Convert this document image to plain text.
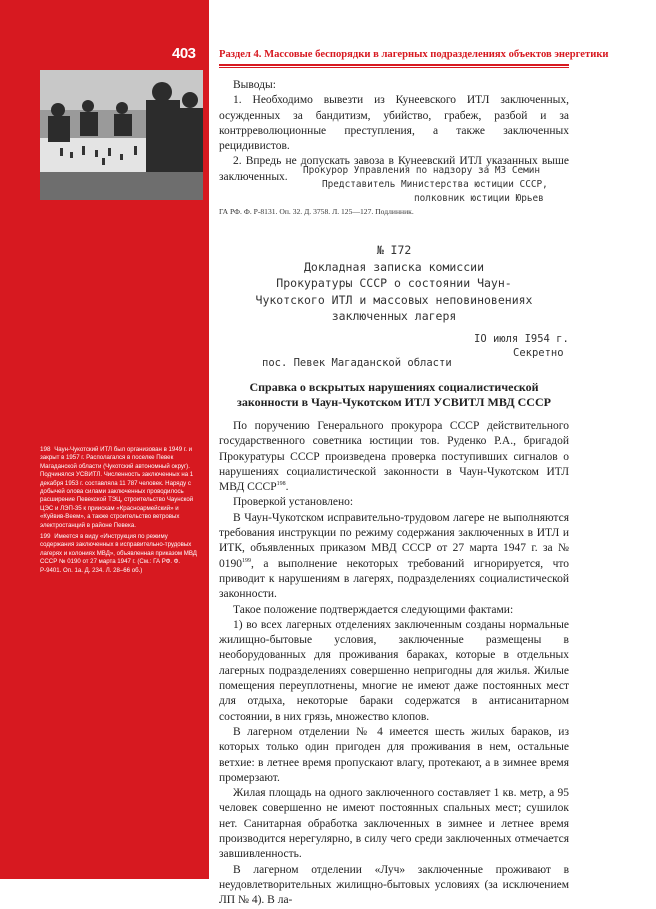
403

198 Чаун-Чукотский ИТЛ был организован в 1949 г. и закрыт в 1957 г. Располагался в поселке Певек Магаданской области (Чукотский автономный округ). Подчинялся УСВИТЛ. Численность заключенных на 1 декабря 1953 г. составляла 11 787 человек. Наряду с добычей олова силами заключенных проводилось расширение Певекской ТЭЦ, строительство Чаунской ЦЭС и ЛЭП-35 к приискам «Красноармейский» и «Куйвив-Веем», а также строительство ветровых электростанций в районе Певека.

199 Имеется в виду «Инструкция по режиму содержания заключенных в исправительно-трудовых лагерях и колониях МВД», объявленная приказом МВД СССР № 0190 от 27 марта 1947 г. (См.: ГА РФ. Ф. Р-9401. Оп. 1а. Д. 234. Л. 28–66 об.)

Раздел 4. Массовые беспорядки в лагерных подразделениях объектов энергетики

Выводы:

1. Необходимо вывезти из Кунеевского ИТЛ заключенных, осужденных за бандитизм, убийство, грабеж, разбой и за контрреволюционные преступления, а также заключенных рецидивистов.

2. Впредь не допускать завоза в Кунеевский ИТЛ указанных выше заключенных.

Прокурор Управления по надзору за МЗ Семин
Представитель Министерства юстиции СССР,
полковник юстиции Юрьев
ГА РФ. Ф. Р-8131. Оп. 32. Д. 3758. Л. 125—127. Подлинник.
№ I72
Докладная записка комиссии
Прокуратуры СССР о состоянии Чаун-
Чукотского ИТЛ и массовых неповиновениях
заключенных лагеря
IO июля I954 г.
Секретно
пос. Певек Магаданской области
Справка о вскрытых нарушениях социалистической
законности в Чаун-Чукотском ИТЛ УСВИТЛ МВД СССР

По поручению Генерального прокурора СССР действительного государственного советника юстиции тов. Руденко Р.А., бригадой Прокуратуры СССР произведена проверка поступивших сигналов о нарушениях социалистической законности в Чаун-Чукотском ИТЛ МВД СССР$^{198}$.

Проверкой установлено:

В Чаун-Чукотском исправительно-трудовом лагере не выполняются требования инструкции по режиму содержания заключенных в ИТЛ и ИТК, объявленных приказом МВД СССР от 27 марта 1947 г. за № 0190$^{199}$, а выполнение некоторых требований игнорируется, что приводит к нарушениям в лагерях, подразделениях социалистической законности.

Такое положение подтверждается следующими фактами:

1) во всех лагерных отделениях заключенным созданы нормальные жилищно-бытовые условия, заключенные размещены в необорудованных для проживания бараках, которые в отдельных лагерных подразделениях совершенно непригодны для жилья. Жилые помещения переуплотнены, многие не имеют даже постоянных мест для отдыха, некоторые бараки содержатся в антисанитарном состоянии, в них грязь, множество клопов.

В лагерном отделении № 4 имеется шесть жилых бараков, из которых только один пригоден для проживания в нем, остальные ветхие: в летнее время пропускают влагу, протекают, а в зимнее время промерзают.

Жилая площадь на одного заключенного составляет 1 кв. метр, а 95 человек совершенно не имеют постоянных спальных мест; сушилок нет. Санитарная обработка заключенных в зимнее и летнее время производится нерегулярно, в силу чего среди заключенных отмечается завшивленность.

В лагерном отделении «Луч» заключенные проживают в неудовлетворительных жилищно-бытовых условиях (за исключением ЛП № 4). В ла-
